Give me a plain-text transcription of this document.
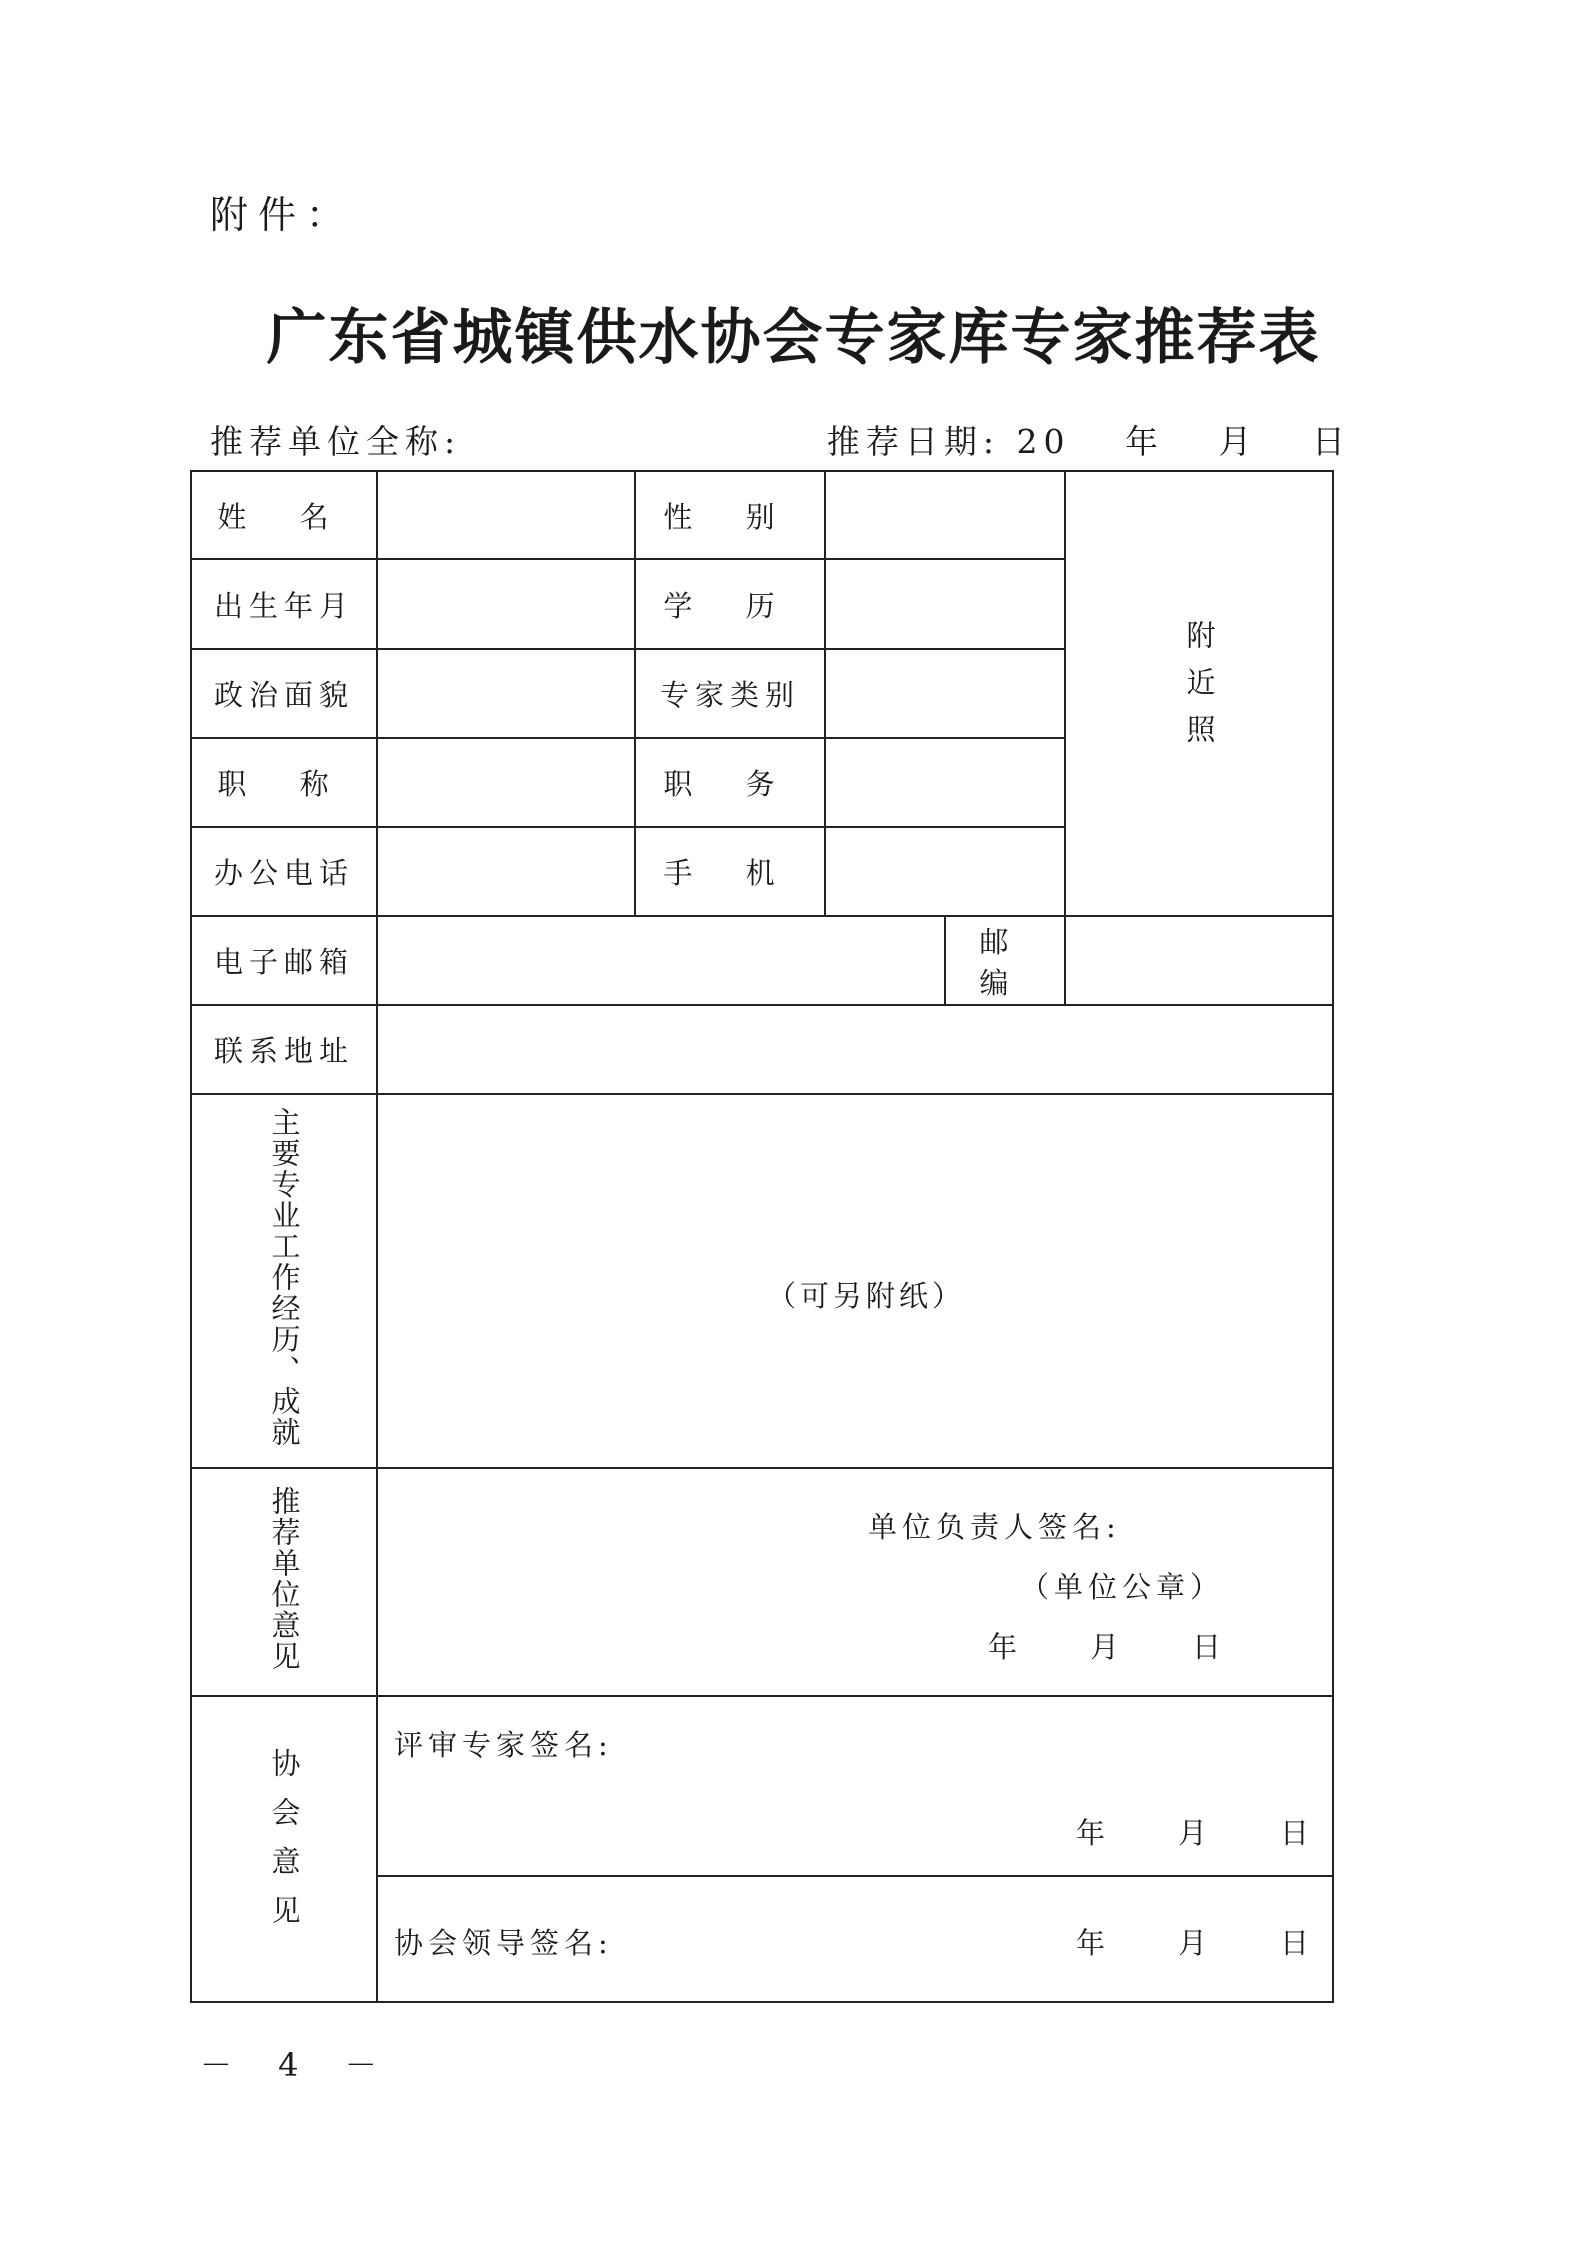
附件：
广东省城镇供水协会专家库专家推荐表
推荐单位全称:	推荐日期: 20 年 月 日
姓 名		性 别			附近照
出生年月		学 历			
政治面貌		专家类别			
职 称		职 务			
办公电话		手 机			
电子邮箱				邮 编	
联系地址					
主要专业工作经历、成就	（可另附纸）				
推荐单位意见	单位负责人签名:
（单位公章）
年 月 日				

协会意见	评审专家签名:
年 月 日				

	协会领导签名: 年 月 日				
－ 4 －
